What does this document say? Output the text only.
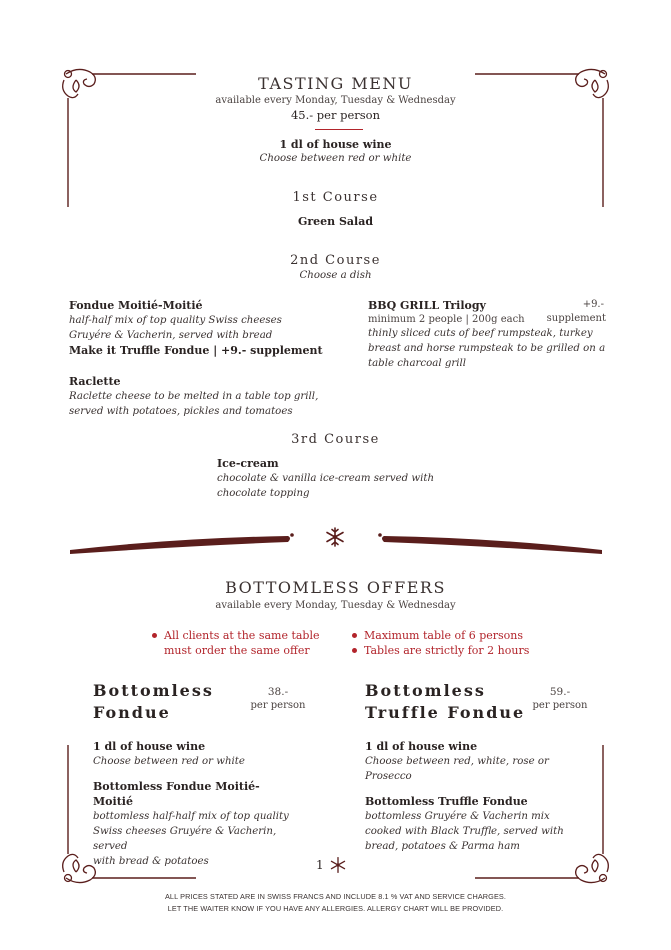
TASTING MENU
available every Monday, Tuesday & Wednesday
45.- per person
1 dl of house wine
Choose between red or white
1st Course
Green Salad
2nd Course
Choose a dish
Fondue Moitié-Moitié
half-half mix of top quality Swiss cheeses
Gruyére & Vacherin, served with bread
Make it Truffle Fondue | +9.- supplement
Raclette
Raclette cheese to be melted in a table top grill,
served with potatoes, pickles and tomatoes
BBQ GRILL Trilogy	+9.-
minimum 2 people | 200g each	supplement
thinly sliced cuts of beef rumpsteak, turkey
breast and horse rumpsteak to be grilled on a
table charcoal grill
3rd Course
Ice-cream
chocolate & vanilla ice-cream served with
chocolate topping
BOTTOMLESS OFFERS
available every Monday, Tuesday & Wednesday
All clients at the same table
must order the same offer
Maximum table of 6 persons
Tables are strictly for 2 hours
Bottomless
Fondue
38.-
per person
1 dl of house wine
Choose between red or white
Bottomless Fondue Moitié-
Moitié
bottomless half-half mix of top quality
Swiss cheeses Gruyére & Vacherin, served
with bread & potatoes
Bottomless
Truffle Fondue
59.-
per person
1 dl of house wine
Choose between red, white, rose or Prosecco
Bottomless Truffle Fondue
bottomless Gruyére & Vacherin mix
cooked with Black Truffle, served with
bread, potatoes & Parma ham
1
ALL PRICES STATED ARE IN SWISS FRANCS AND INCLUDE 8.1 % VAT AND SERVICE CHARGES.
LET THE WAITER KNOW IF YOU HAVE ANY ALLERGIES. ALLERGY CHART WILL BE PROVIDED.
